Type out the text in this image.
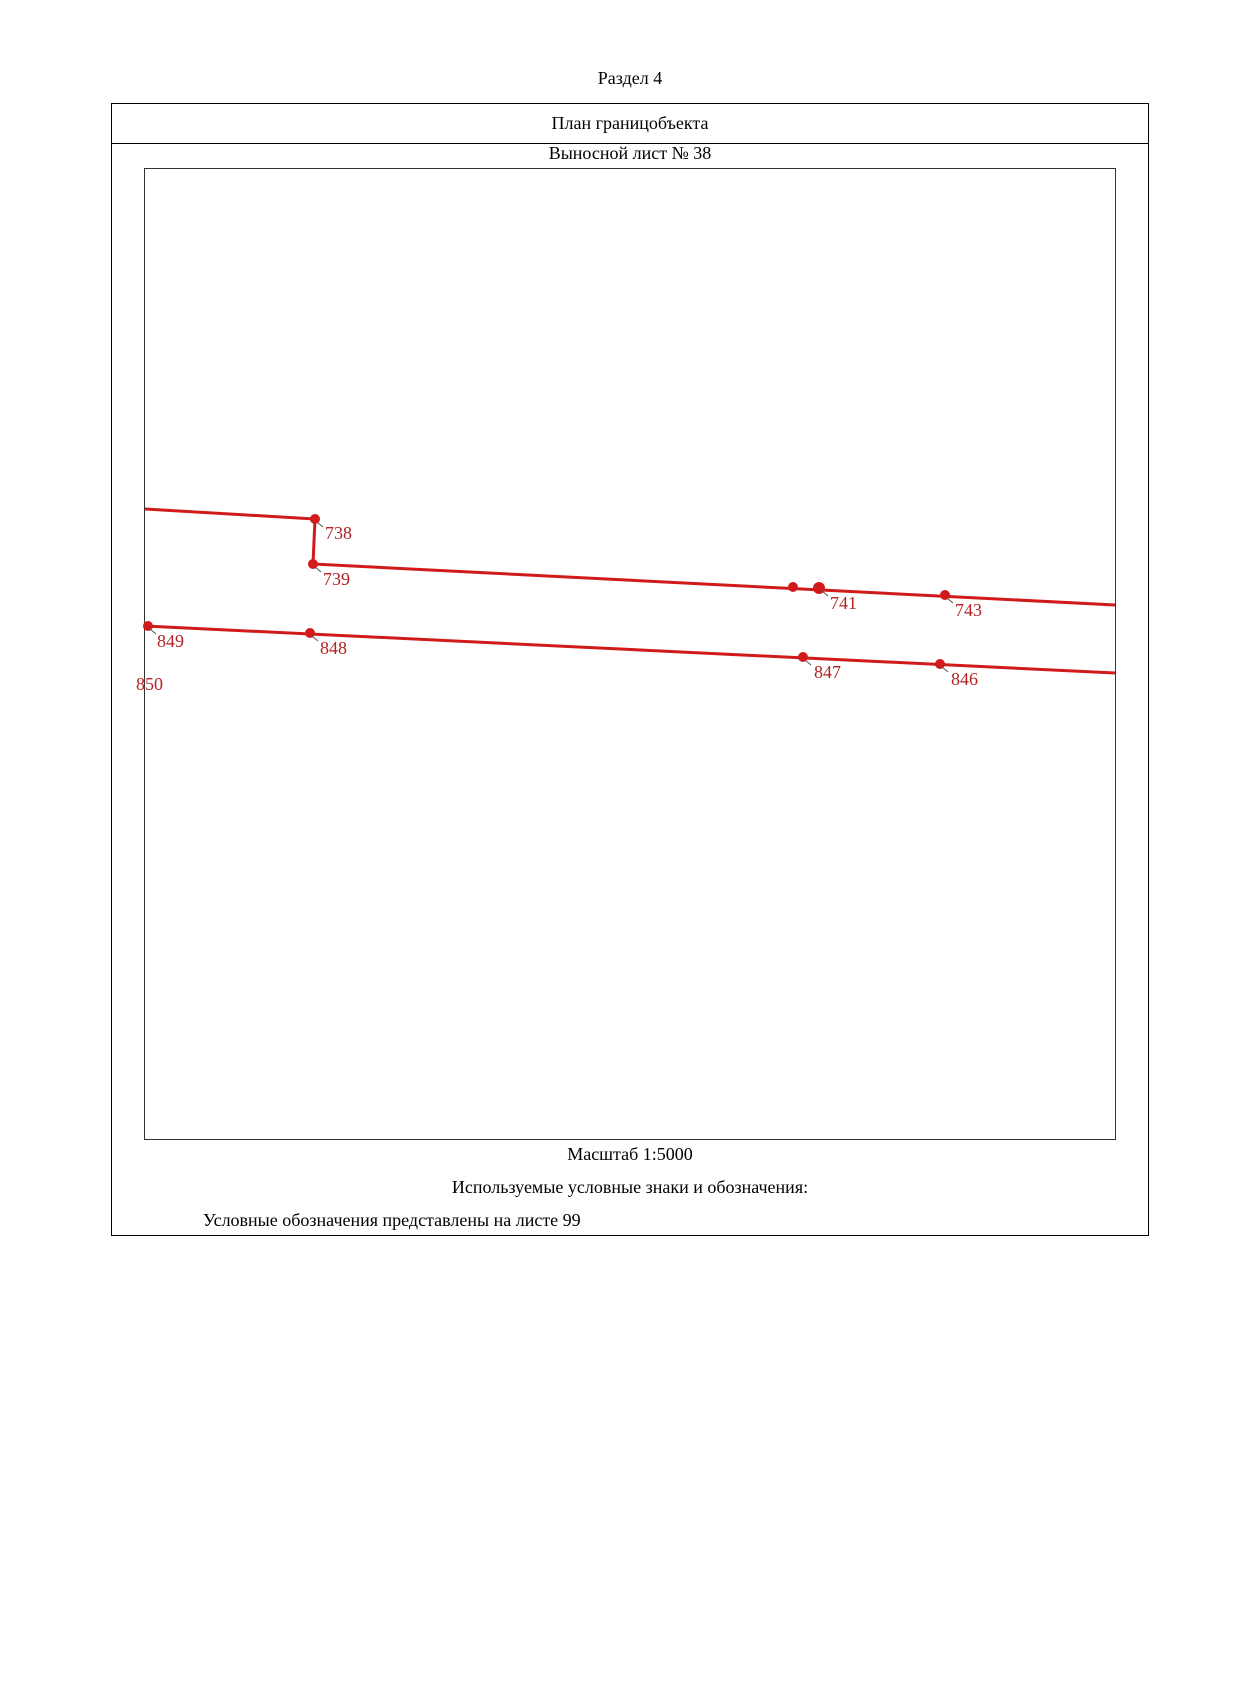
Раздел 4
План границобъекта
Выносной лист № 38
738
739
741	743
849	848
847	846
850
Масштаб 1:5000
Используемые условные знаки и обозначения:
Условные обозначения представлены на листе 99
